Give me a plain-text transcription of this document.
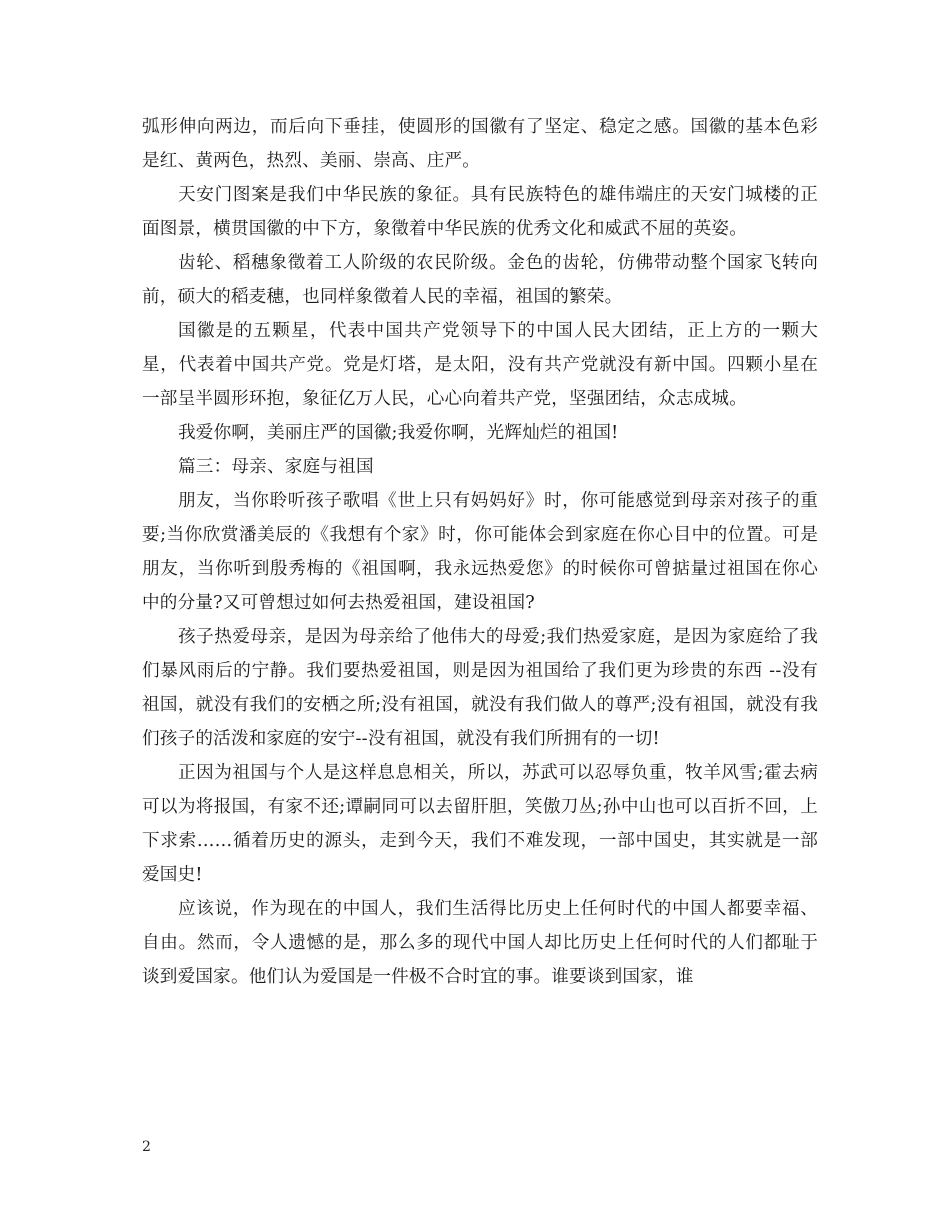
弧形伸向两边，而后向下垂挂，使圆形的国徽有了坚定、稳定之感。国徽的基本色彩是红、黄两色，热烈、美丽、崇高、庄严。

天安门图案是我们中华民族的象征。具有民族特色的雄伟端庄的天安门城楼的正面图景，横贯国徽的中下方，象徵着中华民族的优秀文化和威武不屈的英姿。

齿轮、稻穗象徵着工人阶级的农民阶级。金色的齿轮，仿佛带动整个国家飞转向前，硕大的稻麦穗，也同样象徵着人民的幸福，祖国的繁荣。

国徽是的五颗星，代表中国共产党领导下的中国人民大团结，正上方的一颗大星，代表着中国共产党。党是灯塔，是太阳，没有共产党就没有新中国。四颗小星在一部呈半圆形环抱，象征亿万人民，心心向着共产党，坚强团结，众志成城。

我爱你啊，美丽庄严的国徽;我爱你啊，光辉灿烂的祖国!

篇三：母亲、家庭与祖国

朋友，当你聆听孩子歌唱《世上只有妈妈好》时，你可能感觉到母亲对孩子的重要;当你欣赏潘美辰的《我想有个家》时，你可能体会到家庭在你心目中的位置。可是朋友，当你听到殷秀梅的《祖国啊，我永远热爱您》的时候你可曾掂量过祖国在你心中的分量?又可曾想过如何去热爱祖国，建设祖国?

孩子热爱母亲，是因为母亲给了他伟大的母爱;我们热爱家庭，是因为家庭给了我们暴风雨后的宁静。我们要热爱祖国，则是因为祖国给了我们更为珍贵的东西 --没有祖国，就没有我们的安栖之所;没有祖国，就没有我们做人的尊严;没有祖国，就没有我们孩子的活泼和家庭的安宁--没有祖国，就没有我们所拥有的一切!

正因为祖国与个人是这样息息相关，所以，苏武可以忍辱负重，牧羊风雪;霍去病可以为将报国，有家不还;谭嗣同可以去留肝胆，笑傲刀丛;孙中山也可以百折不回，上下求索……循着历史的源头，走到今天，我们不难发现，一部中国史，其实就是一部爱国史!

应该说，作为现在的中国人，我们生活得比历史上任何时代的中国人都要幸福、自由。然而，令人遗憾的是，那么多的现代中国人却比历史上任何时代的人们都耻于谈到爱国家。他们认为爱国是一件极不合时宜的事。谁要谈到国家，谁

2
